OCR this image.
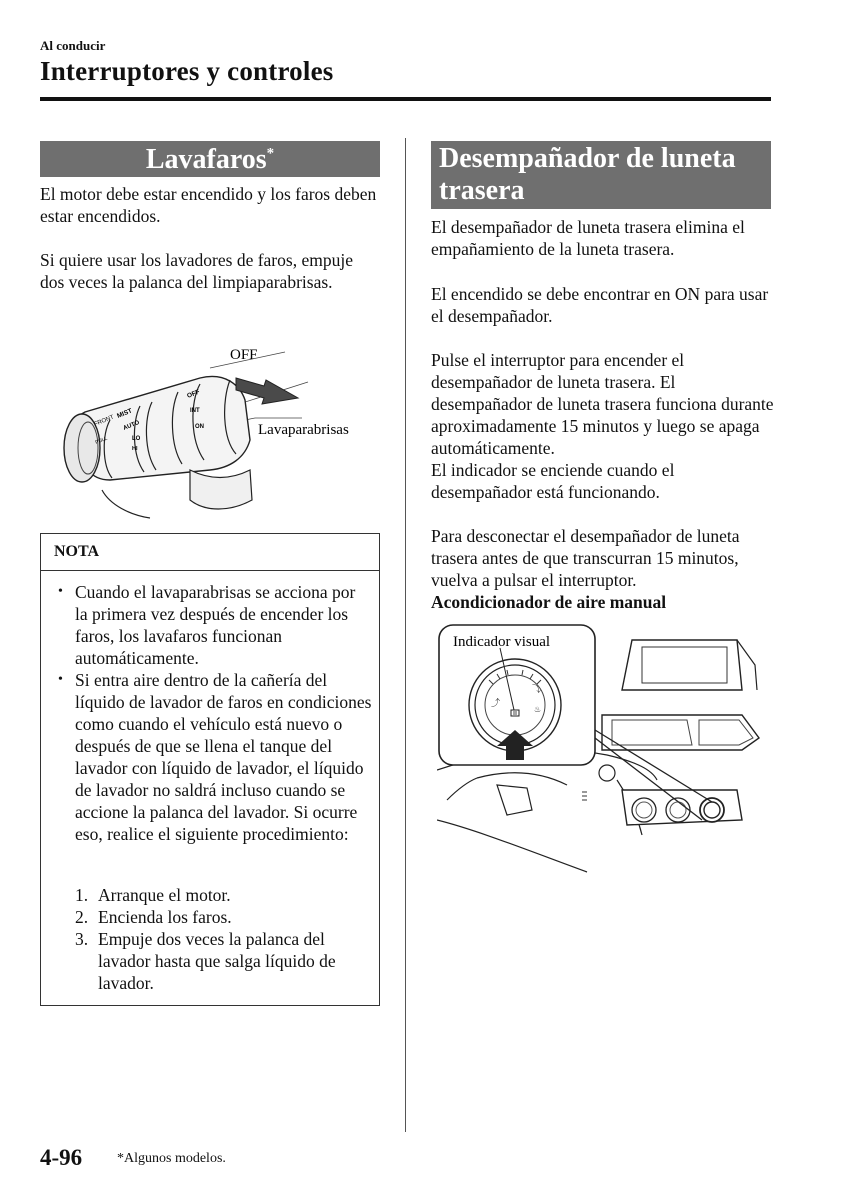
Al conducir
Interruptores y controles
Lavafaros*

El motor debe estar encendido y los faros deben estar encendidos.

Si quiere usar los lavadores de faros, empuje dos veces la palanca del limpiaparabrisas.

FRONT
MIST
OFF
AUTO
LO
HI
INT
PULL
ON
OFF
Lavaparabrisas
NOTA
• Cuando el lavaparabrisas se acciona por la primera vez después de encender los faros, los lavafaros funcionan automáticamente.
• Si entra aire dentro de la cañería del líquido de lavador de faros en condiciones como cuando el vehículo está nuevo o después de que se llena el tanque del lavador con líquido de lavador, el líquido de lavador no saldrá incluso cuando se accione la palanca del lavador. Si ocurre eso, realice el siguiente procedimiento:
1. Arranque el motor.
2. Encienda los faros.
3. Empuje dos veces la palanca del lavador hasta que salga líquido de lavador.
Desempañador de luneta trasera

El desempañador de luneta trasera elimina el empañamiento de la luneta trasera.

El encendido se debe encontrar en ON para usar el desempañador.

Pulse el interruptor para encender el desempañador de luneta trasera. El desempañador de luneta trasera funciona durante aproximadamente 15 minutos y luego se apaga automáticamente.
El indicador se enciende cuando el desempañador está funcionando.

Para desconectar el desempañador de luneta trasera antes de que transcurran 15 minutos, vuelva a pulsar el interruptor.

Acondicionador de aire manual

⤴
⤵
♨
Indicador visual
4-96 *Algunos modelos.
